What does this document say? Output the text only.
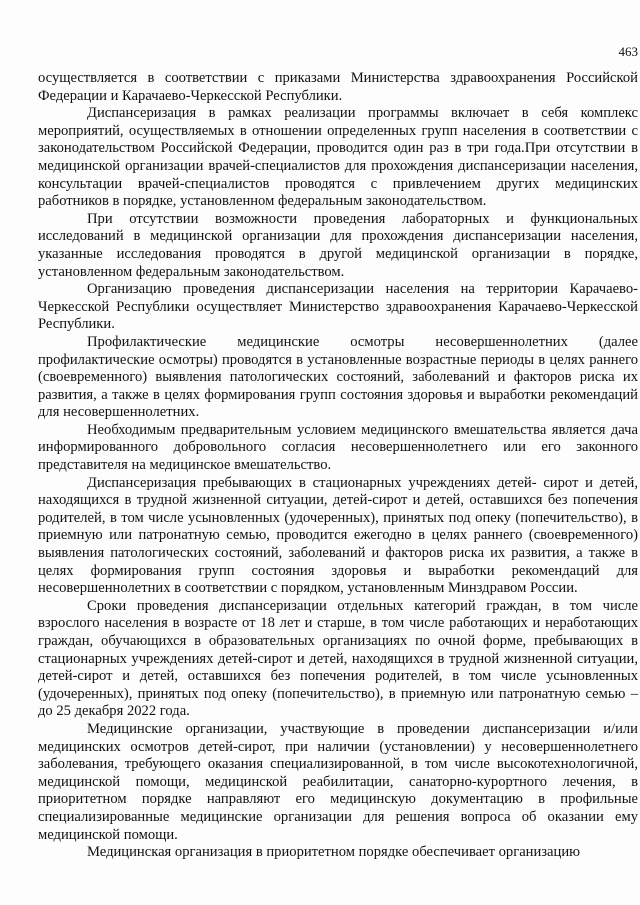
463

осуществляется в соответствии с приказами Министерства здравоохранения Российской Федерации и Карачаево-Черкесской Республики.

Диспансеризация в рамках реализации программы включает в себя комплекс мероприятий, осуществляемых в отношении определенных групп населения в соответствии с законодательством Российской Федерации, проводится один раз в три года.При отсутствии в медицинской организации врачей-специалистов для прохождения диспансеризации населения, консультации врачей-специалистов проводятся с привлечением других медицинских работников в порядке, установленном федеральным законодательством.

При отсутствии возможности проведения лабораторных и функциональных исследований в медицинской организации для прохождения диспансеризации населения, указанные исследования проводятся в другой медицинской организации в порядке, установленном федеральным законодательством.

Организацию проведения диспансеризации населения на территории Карачаево-Черкесской Республики осуществляет Министерство здравоохранения Карачаево-Черкесской Республики.

Профилактические медицинские осмотры несовершеннолетних (далее профилактические осмотры) проводятся в установленные возрастные периоды в целях раннего (своевременного) выявления патологических состояний, заболеваний и факторов риска их развития, а также в целях формирования групп состояния здоровья и выработки рекомендаций для несовершеннолетних.

Необходимым предварительным условием медицинского вмешательства является дача информированного добровольного согласия несовершеннолетнего или его законного представителя на медицинское вмешательство.

Диспансеризация пребывающих в стационарных учреждениях детей- сирот и детей, находящихся в трудной жизненной ситуации, детей-сирот и детей, оставшихся без попечения родителей, в том числе усыновленных (удочеренных), принятых под опеку (попечительство), в приемную или патронатную семью, проводится ежегодно в целях раннего (своевременного) выявления патологических состояний, заболеваний и факторов риска их развития, а также в целях формирования групп состояния здоровья и выработки рекомендаций для несовершеннолетних в соответствии с порядком, установленным Минздравом России.

Сроки проведения диспансеризации отдельных категорий граждан, в том числе взрослого населения в возрасте от 18 лет и старше, в том числе работающих и неработающих граждан, обучающихся в образовательных организациях по очной форме, пребывающих в стационарных учреждениях детей-сирот и детей, находящихся в трудной жизненной ситуации, детей-сирот и детей, оставшихся без попечения родителей, в том числе усыновленных (удочеренных), принятых под опеку (попечительство), в приемную или патронатную семью – до 25 декабря 2022 года.

Медицинские организации, участвующие в проведении диспансеризации и/или медицинских осмотров детей-сирот, при наличии (установлении) у несовершеннолетнего заболевания, требующего оказания специализированной, в том числе высокотехнологичной, медицинской помощи, медицинской реабилитации, санаторно-курортного лечения, в приоритетном порядке направляют его медицинскую документацию в профильные специализированные медицинские организации для решения вопроса об оказании ему медицинской помощи.

Медицинская организация в приоритетном порядке обеспечивает организацию
